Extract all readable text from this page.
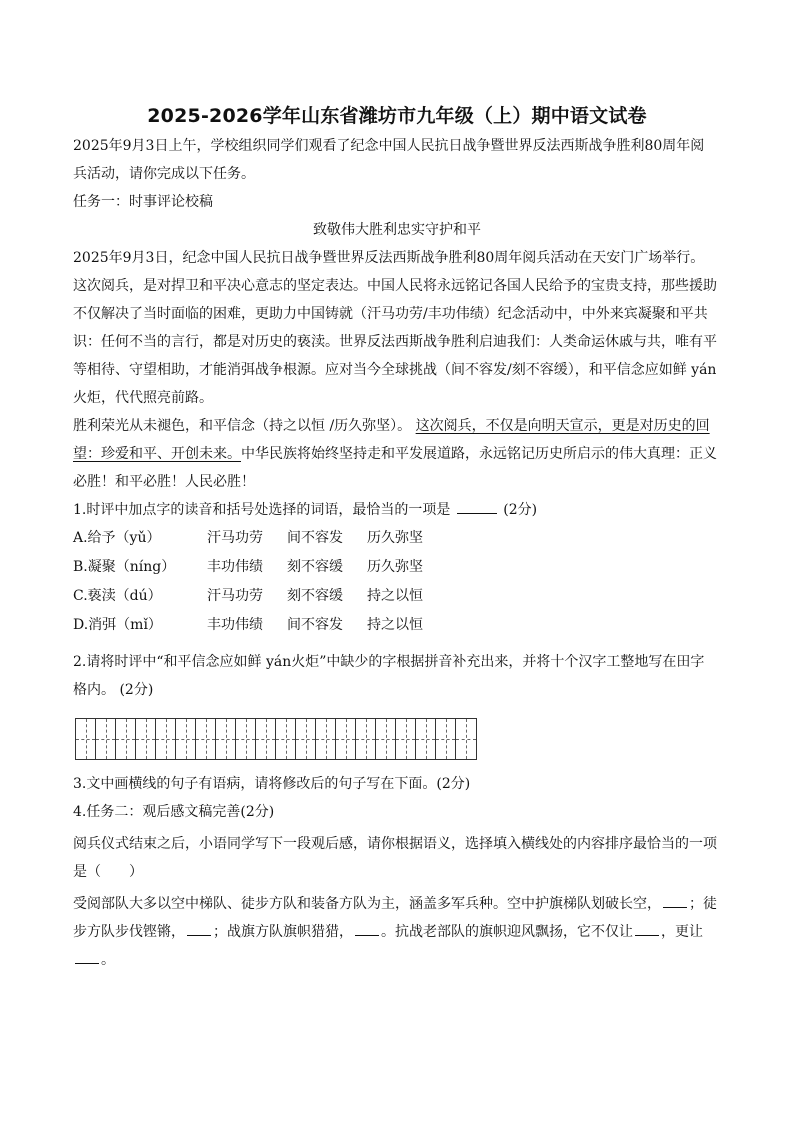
2025-2026学年山东省潍坊市九年级（上）期中语文试卷

2025年9月3日上午，学校组织同学们观看了纪念中国人民抗日战争暨世界反法西斯战争胜利80周年阅

兵活动，请你完成以下任务。

任务一：时事评论校稿

致敬伟大胜利忠实守护和平

2025年9月3日，纪念中国人民抗日战争暨世界反法西斯战争胜利80周年阅兵活动在天安门广场举行。

这次阅兵，是对捍卫和平决心意志的坚定表达。中国人民将永远铭记各国人民给予的宝贵支持，那些援助

不仅解决了当时面临的困难，更助力中国铸就（汗马功劳/丰功伟绩）纪念活动中，中外来宾凝聚和平共

识：任何不当的言行，都是对历史的亵渎。世界反法西斯战争胜利启迪我们：人类命运休戚与共，唯有平

等相待、守望相助，才能消弭战争根源。应对当今全球挑战（间不容发/刻不容缓），和平信念应如鲜 yán

火炬，代代照亮前路。

胜利荣光从未褪色，和平信念（持之以恒 /历久弥坚）。 这次阅兵，不仅是向明天宣示，更是对历史的回

望：珍爱和平、开创未来。中华民族将始终坚持走和平发展道路，永远铭记历史所启示的伟大真理：正义

必胜！和平必胜！人民必胜！

1.时评中加点字的读音和括号处选择的词语，最恰当的一项是	(2分)

A.给予（yǔ）	汗马功劳	间不容发	历久弥坚
B.凝聚（níng）	丰功伟绩	刻不容缓	历久弥坚
C.亵渎（dú）	汗马功劳	刻不容缓	持之以恒
D.消弭（mǐ）	丰功伟绩	间不容发	持之以恒

2.请将时评中“和平信念应如鲜 yán火炬”中缺少的字根据拼音补充出来，并将十个汉字工整地写在田字

格内。 (2分)

3.文中画横线的句子有语病，请将修改后的句子写在下面。(2分)

4.任务二：观后感文稿完善(2分)

阅兵仪式结束之后，小语同学写下一段观后感，请你根据语义，选择填入横线处的内容排序最恰当的一项

是（　　）

受阅部队大多以空中梯队、徒步方队和装备方队为主，涵盖多军兵种。空中护旗梯队划破长空， ；徒

步方队步伐铿锵， ；战旗方队旗帜猎猎， 。抗战老部队的旗帜迎风飘扬，它不仅让 ，更让。
